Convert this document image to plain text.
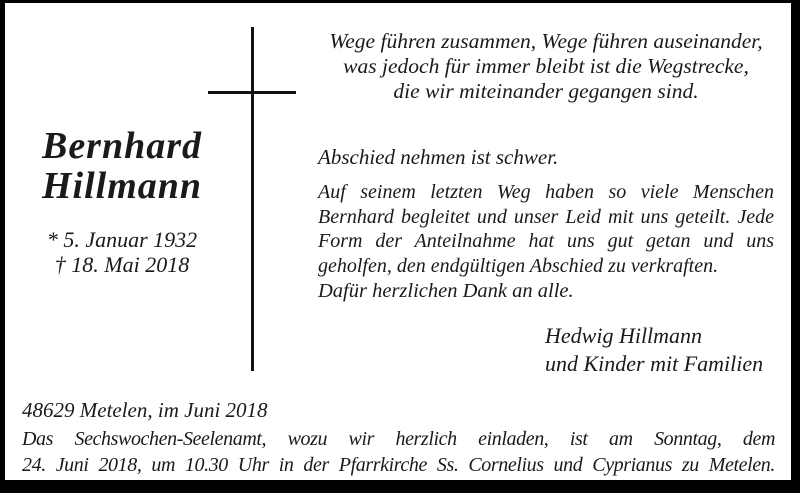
Wege führen zusammen, Wege führen auseinander,
was jedoch für immer bleibt ist die Wegstrecke,
die wir miteinander gegangen sind.
Bernhard
Hillmann
* 5. Januar 1932
† 18. Mai 2018
Abschied nehmen ist schwer.
Auf seinem letzten Weg haben so viele Menschen
Bernhard begleitet und unser Leid mit uns geteilt. Jede
Form der Anteilnahme hat uns gut getan und uns
geholfen, den endgültigen Abschied zu verkraften.
Dafür herzlichen Dank an alle.
Hedwig Hillmann
und Kinder mit Familien
48629 Metelen, im Juni 2018
Das Sechswochen-Seelenamt, wozu wir herzlich einladen, ist am Sonntag, dem
24. Juni 2018, um 10.30 Uhr in der Pfarrkirche Ss. Cornelius und Cyprianus zu Metelen.
